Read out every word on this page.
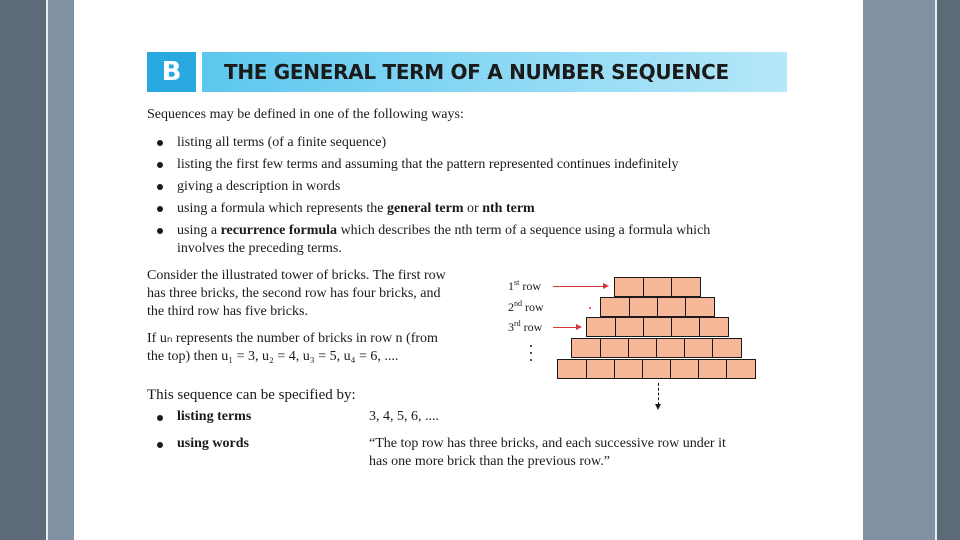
B	THE GENERAL TERM OF A NUMBER SEQUENCE
Sequences may be defined in one of the following ways:
listing all terms (of a finite sequence)
listing the first few terms and assuming that the pattern represented continues indefinitely
giving a description in words
using a formula which represents the general term or nth term
using a recurrence formula which describes the nth term of a sequence using a formula which
involves the preceding terms.
Consider the illustrated tower of bricks. The first row
has three bricks, the second row has four bricks, and
the third row has five bricks.
If uₙ represents the number of bricks in row n (from
the top) then u₁ = 3, u₂ = 4, u₃ = 5, u₄ = 6, ....
1st row
2nd row
3rd row
This sequence can be specified by:
listing terms	3, 4, 5, 6, ....
using words	“The top row has three bricks, and each successive row under it
has one more brick than the previous row.”
